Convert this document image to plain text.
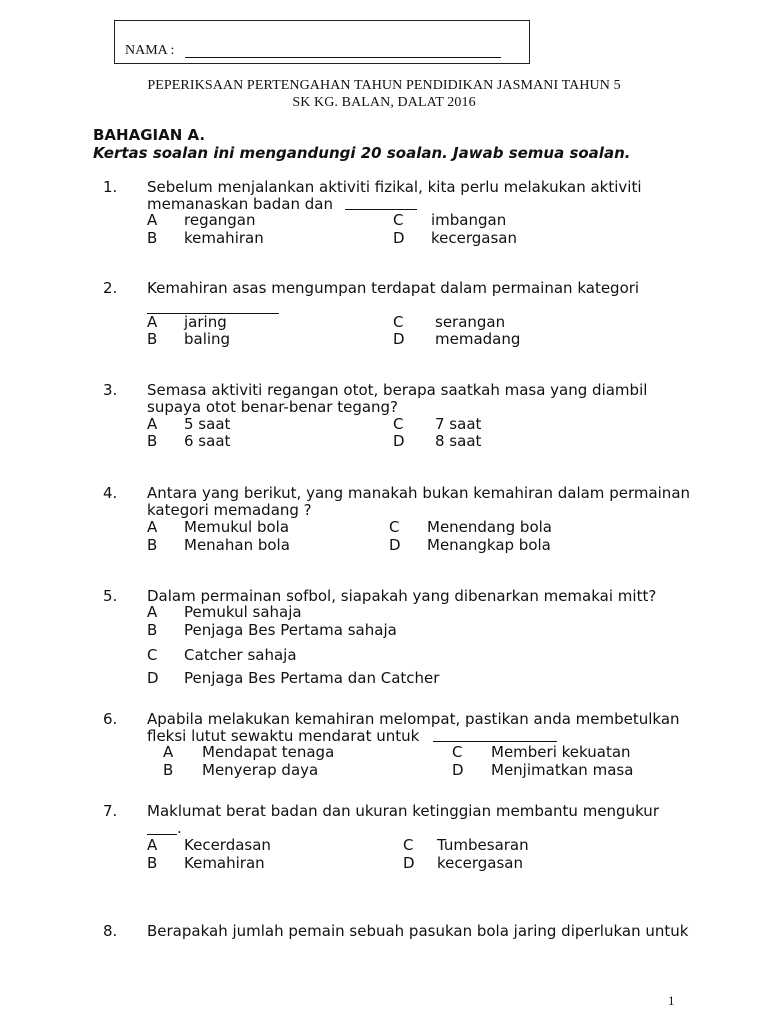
NAMA :
PEPERIKSAAN PERTENGAHAN TAHUN PENDIDIKAN JASMANI TAHUN 5
SK KG. BALAN, DALAT 2016
BAHAGIAN A.
Kertas soalan ini mengandungi 20 soalan. Jawab semua soalan.
1. Sebelum menjalankan aktiviti fizikal, kita perlu melakukan aktiviti
memanaskan badan dan
A regangan	C imbangan
B kemahiran	D kecergasan
2. Kemahiran asas mengumpan terdapat dalam permainan kategori
A jaring	C serangan
B baling	D memadang
3. Semasa aktiviti regangan otot, berapa saatkah masa yang diambil
supaya otot benar-benar tegang?
A 5 saat	C 7 saat
B 6 saat	D 8 saat
4. Antara yang berikut, yang manakah bukan kemahiran dalam permainan
kategori memadang ?
A Memukul bola	C Menendang bola
B Menahan bola	D Menangkap bola
5. Dalam permainan sofbol, siapakah yang dibenarkan memakai mitt?
A Pemukul sahaja
B Penjaga Bes Pertama sahaja
C Catcher sahaja
D Penjaga Bes Pertama dan Catcher
6. Apabila melakukan kemahiran melompat, pastikan anda membetulkan
fleksi lutut sewaktu mendarat untuk
A Mendapat tenaga	C Memberi kekuatan
B Menyerap daya	D Menjimatkan masa
7. Maklumat berat badan dan ukuran ketinggian membantu mengukur
.
A Kecerdasan	C Tumbesaran
B Kemahiran	D kecergasan
8. Berapakah jumlah pemain sebuah pasukan bola jaring diperlukan untuk
1
